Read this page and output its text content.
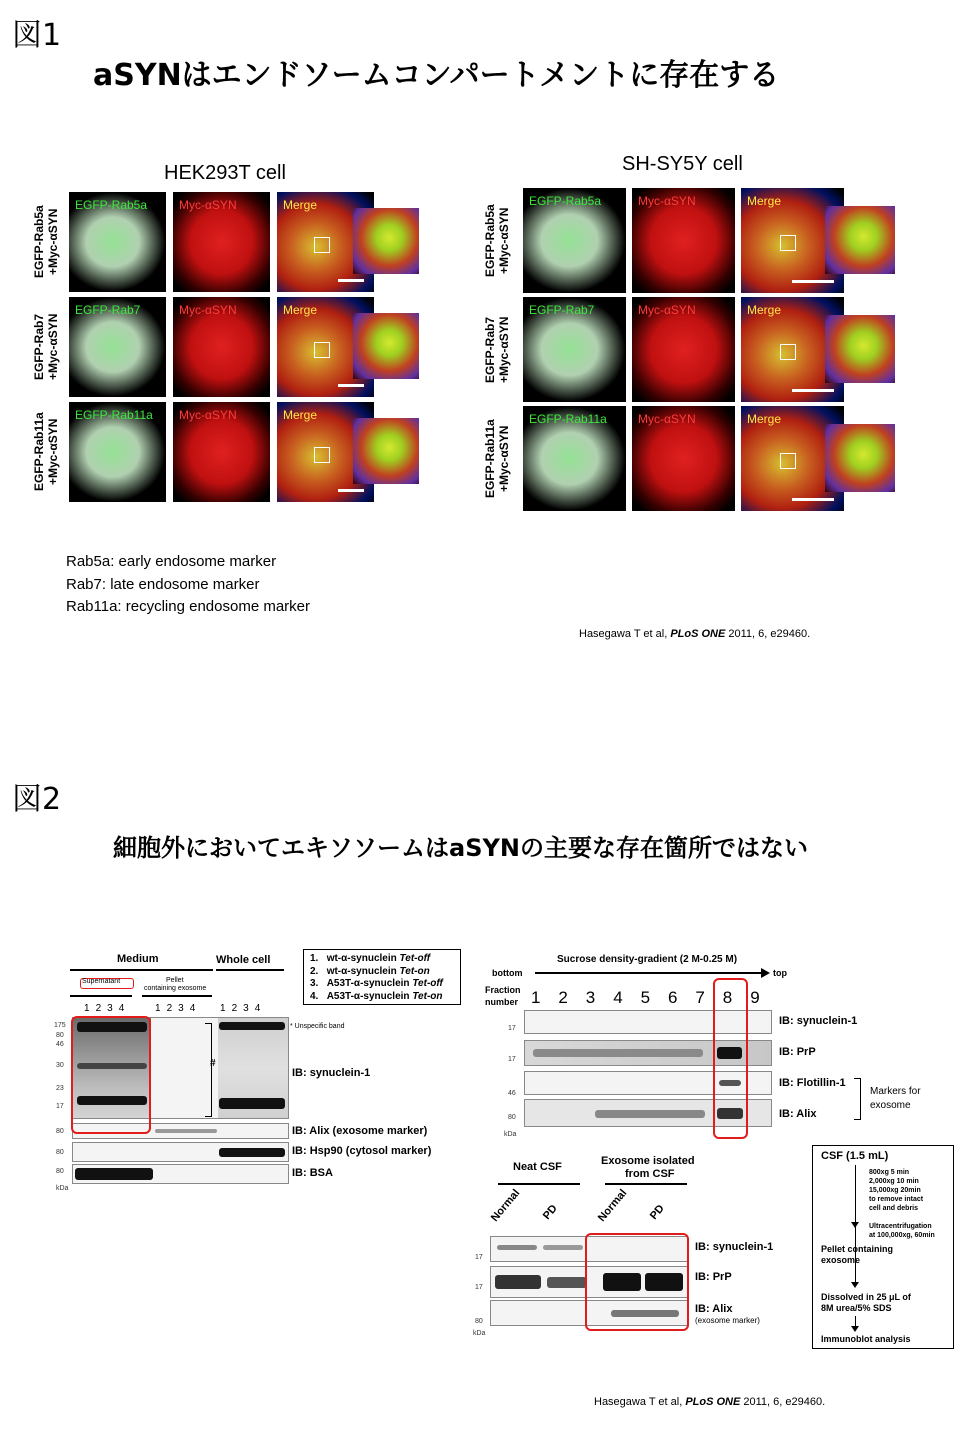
図1
aSYNはエンドソームコンパートメントに存在する
HEK293T cell
EGFP-Rab5a +Myc-αSYN
EGFP-Rab5a	Myc-αSYN	Merge
EGFP-Rab7 +Myc-αSYN
EGFP-Rab7	Myc-αSYN	Merge
EGFP-Rab11a +Myc-αSYN
EGFP-Rab11a Myc-αSYN	Merge
SH-SY5Y cell
EGFP-Rab5a +Myc-αSYN
EGFP-Rab5a	Myc-αSYN	Merge
EGFP-Rab7 +Myc-αSYN
EGFP-Rab7	Myc-αSYN	Merge
EGFP-Rab11a +Myc-αSYN
EGFP-Rab11a	Myc-αSYN	Merge
Rab5a: early endosome marker
Rab7: late endosome marker
Rab11a: recycling endosome marker
Hasegawa T et al, PLoS ONE 2011, 6, e29460.
図2
細胞外においてエキソソームはaSYNの主要な存在箇所ではない
Medium	Whole cell
Supernatant	Pellet
containing exosome
1234 1234 1234
#
* Unspecific band
IB: synuclein-1
IB: Alix (exosome marker)
IB: Hsp90 (cytosol marker)
IB: BSA
175
80
46
30
23
17
80
80
80
kDa
1. wt-α-synuclein Tet-off
2. wt-α-synuclein Tet-on
3. A53T-α-synuclein Tet-off
4. A53T-α-synuclein Tet-on
Sucrose density-gradient (2 M-0.25 M)
bottom	top
Fraction
number 1 2 3 4 5 6 7 8 9
17
17
46
80
kDa
IB: synuclein-1
IB: PrP
IB: Flotillin-1
IB: Alix
Markers for
exosome
Neat CSF	Exosome isolated
from CSF
Normal PD	Normal PD
17
17
80
kDa
IB: synuclein-1
IB: PrP
IB: Alix
(exosome marker)
CSF (1.5 mL)
800xg 5 min
2,000xg 10 min
15,000xg 20min
to remove intact
cell and debris
Ultracentrifugation
at 100,000xg, 60min
Pellet containing
exosome
Dissolved in 25 μL of
8M urea/5% SDS
Immunoblot analysis
Hasegawa T et al, PLoS ONE 2011, 6, e29460.
